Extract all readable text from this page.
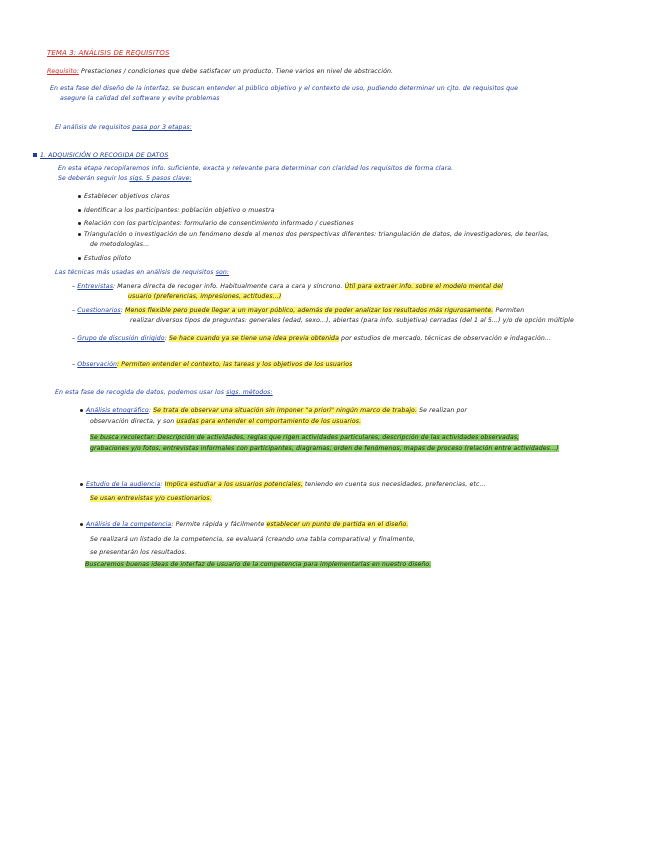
TEMA 3: ANÁLISIS DE REQUISITOS
Requisito: Prestaciones / condiciones que debe satisfacer un producto. Tiene varios en nivel de abstracción.
En esta fase del diseño de la interfaz, se buscan entender al público objetivo y el contexto de uso, pudiendo determinar un cjto. de requisitos que
asegure la calidad del software y evite problemas
El análisis de requisitos pasa por 3 etapas:
1. ADQUISICIÓN O RECOGIDA DE DATOS
En esta etapa recopilaremos info. suficiente, exacta y relevante para determinar con claridad los requisitos de forma clara.
Se deberán seguir los sigs. 5 pasos clave:
Establecer objetivos claros
Identificar a los participantes: población objetivo o muestra
Relación con los participantes: formulario de consentimiento informado / cuestiones
Triangulación o investigación de un fenómeno desde al menos dos perspectivas diferentes: triangulación de datos, de investigadores, de teorías,
de metodologías...
Estudios piloto
Las técnicas más usadas en análisis de requisitos son:
– Entrevistas: Manera directa de recoger info. Habitualmente cara a cara y síncrono. Útil para extraer info. sobre el modelo mental del
usuario (preferencias, impresiones, actitudes...)
– Cuestionarios: Menos flexible pero puede llegar a un mayor público, además de poder analizar los resultados más rigurosamente. Permiten
realizar diversos tipos de preguntas: generales (edad, sexo...), abiertas (para info. subjetiva) cerradas (del 1 al 5...) y/o de opción múltiple
– Grupo de discusión dirigido: Se hace cuando ya se tiene una idea previa obtenida por estudios de mercado, técnicas de observación e indagación...
– Observación: Permiten entender el contexto, las tareas y los objetivos de los usuarios
En esta fase de recogida de datos, podemos usar los sigs. métodos:
Análisis etnográfico: Se trata de observar una situación sin imponer "a priori" ningún marco de trabajo. Se realizan por
observación directa, y son usadas para entender el comportamiento de los usuarios.
Se busca recolectar: Descripción de actividades, reglas que rigen actividades particulares, descripción de las actividades observadas,
grabaciones y/o fotos, entrevistas informales con participantes, diagramas, orden de fenómenos, mapas de proceso (relación entre actividades...)
Estudio de la audiencia: Implica estudiar a los usuarios potenciales, teniendo en cuenta sus necesidades, preferencias, etc...
Se usan entrevistas y/o cuestionarios.
Análisis de la competencia: Permite rápida y fácilmente establecer un punto de partida en el diseño.
Se realizará un listado de la competencia, se evaluará (creando una tabla comparativa) y finalmente,
se presentarán los resultados.
Buscaremos buenas ideas de interfaz de usuario de la competencia para implementarlas en nuestro diseño.
